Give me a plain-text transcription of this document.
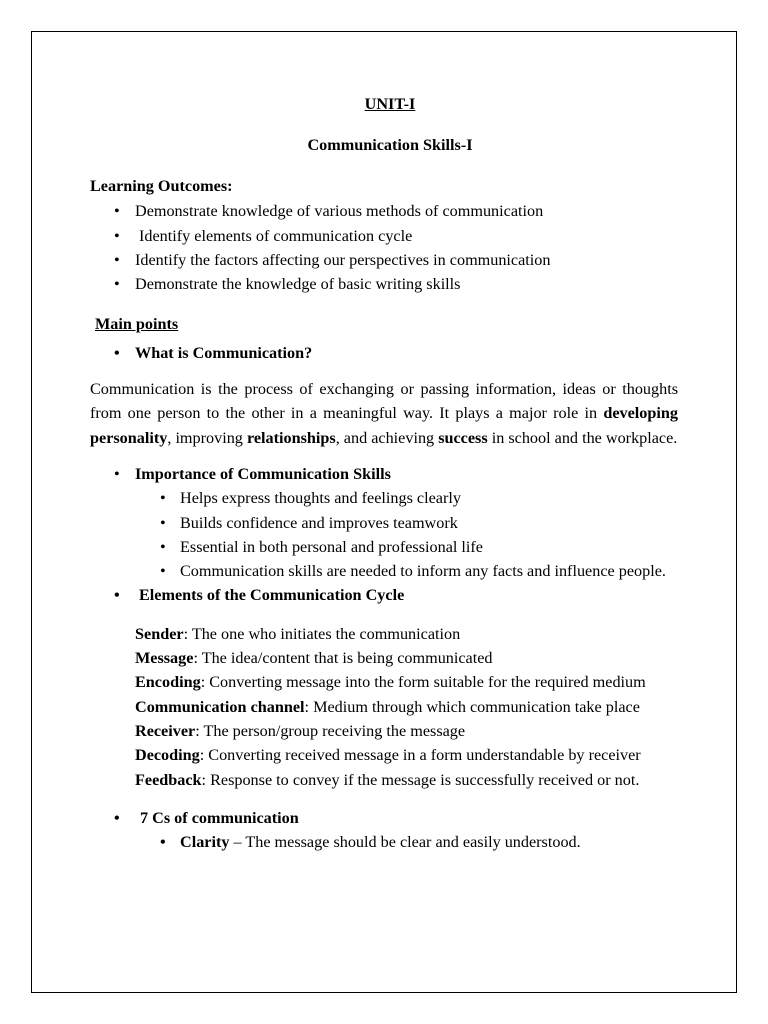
UNIT-I
Communication Skills-I
Learning Outcomes:
• Demonstrate knowledge of various methods of communication
• Identify elements of communication cycle
• Identify the factors affecting our perspectives in communication
• Demonstrate the knowledge of basic writing skills
Main points
• What is Communication?
Communication is the process of exchanging or passing information, ideas or thoughts from one person to the other in a meaningful way. It plays a major role in developing personality, improving relationships, and achieving success in school and the workplace.
• Importance of Communication Skills
• Helps express thoughts and feelings clearly
• Builds confidence and improves teamwork
• Essential in both personal and professional life
• Communication skills are needed to inform any facts and influence people.
• Elements of the Communication Cycle
Sender: The one who initiates the communication
Message: The idea/content that is being communicated
Encoding: Converting message into the form suitable for the required medium
Communication channel: Medium through which communication take place
Receiver: The person/group receiving the message
Decoding: Converting received message in a form understandable by receiver
Feedback: Response to convey if the message is successfully received or not.
• 7 Cs of communication
• Clarity – The message should be clear and easily understood.
